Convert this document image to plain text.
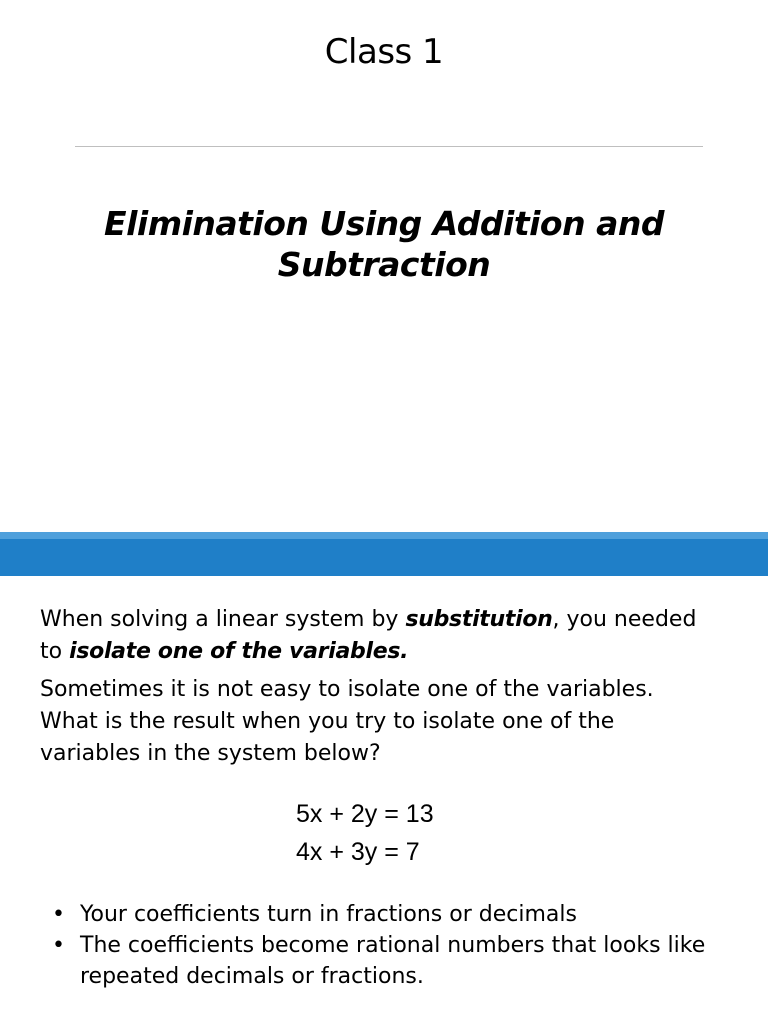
Class 1
Elimination Using Addition and
Subtraction

When solving a linear system by substitution, you needed
to isolate one of the variables.

Sometimes it is not easy to isolate one of the variables.
What is the result when you try to isolate one of the
variables in the system below?

5x + 2y = 13
4x + 3y = 7
• Your coefficients turn in fractions or decimals
• The coefficients become rational numbers that looks like repeated decimals or fractions.
